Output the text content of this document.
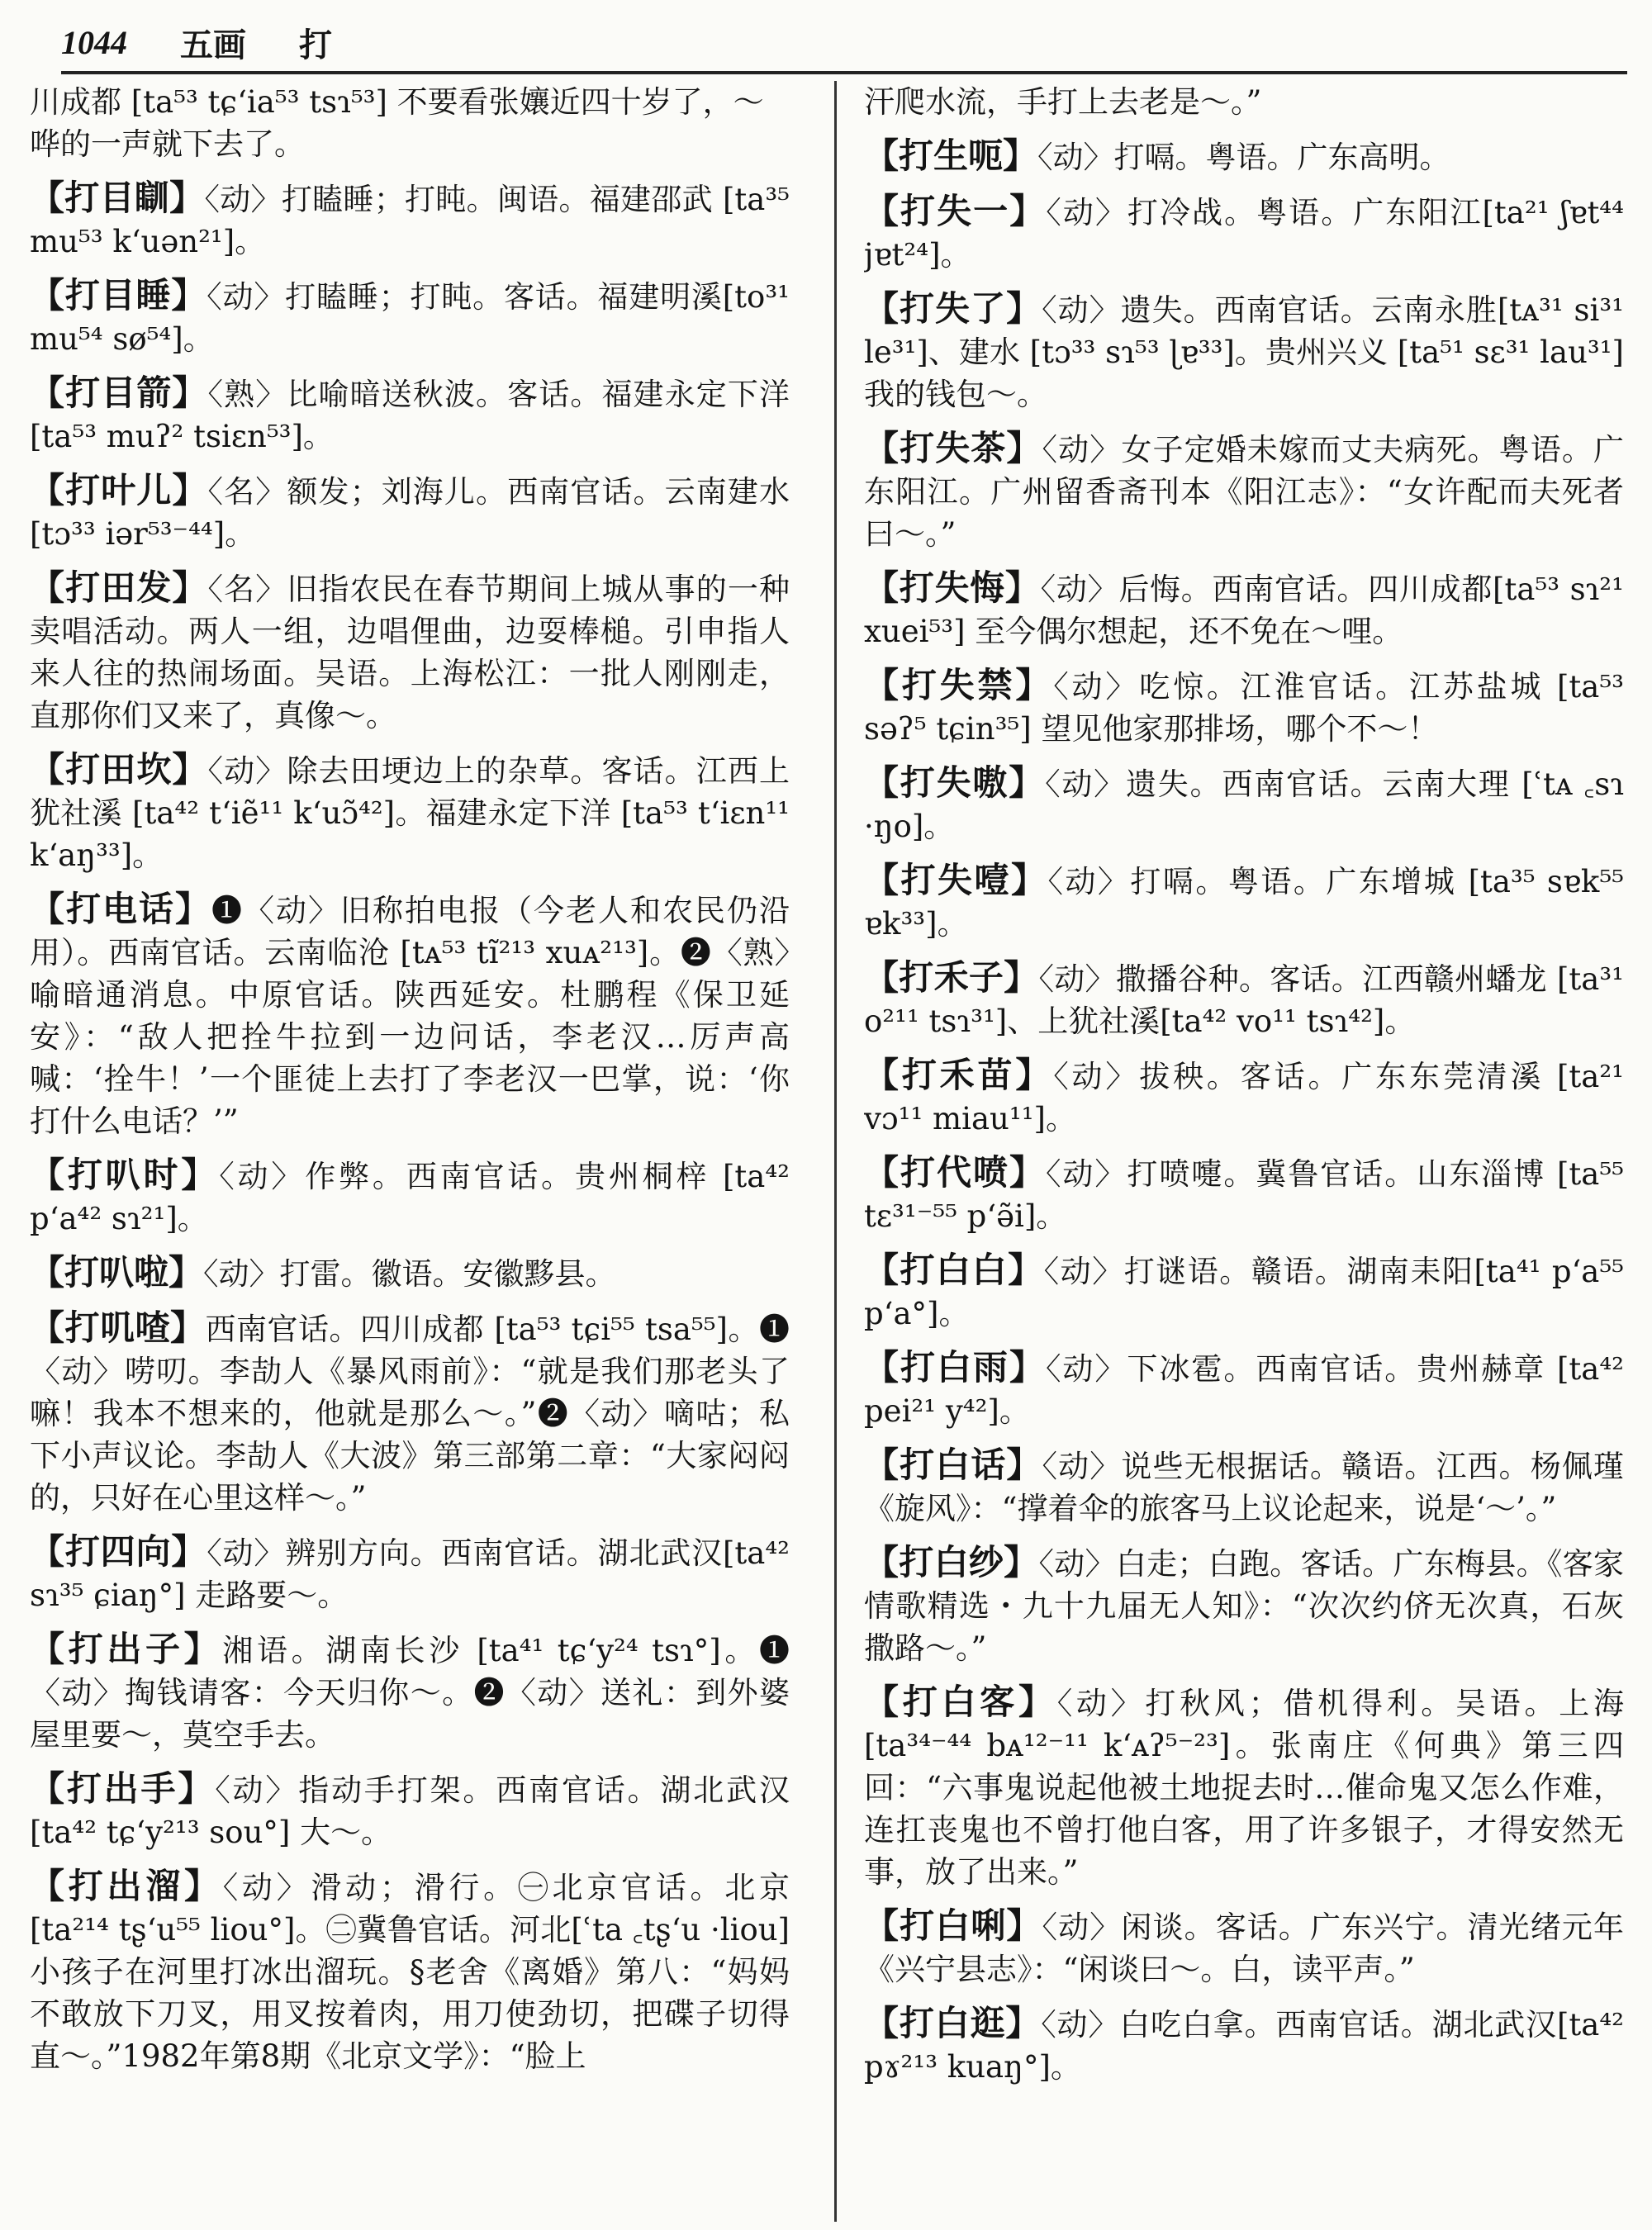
1044 五画 打
川成都 [ta⁵³ tɕʻia⁵³ tsɿ⁵³] 不要看张孃近四十岁了，～哗的一声就下去了。

【打目瞓】〈动〉打瞌睡；打盹。闽语。福建邵武 [ta³⁵ mu⁵³ kʻuən²¹]。

【打目睡】〈动〉打瞌睡；打盹。客话。福建明溪[to³¹ mu⁵⁴ sø⁵⁴]。

【打目箭】〈熟〉比喻暗送秋波。客话。福建永定下洋 [ta⁵³ muʔ² tsiɛn⁵³]。

【打叶儿】〈名〉额发；刘海儿。西南官话。云南建水 [tɔ³³ iər⁵³⁻⁴⁴]。

【打田发】〈名〉旧指农民在春节期间上城从事的一种卖唱活动。两人一组，边唱俚曲，边耍棒槌。引申指人来人往的热闹场面。吴语。上海松江：一批人刚刚走，直那你们又来了，真像～。

【打田坎】〈动〉除去田埂边上的杂草。客话。江西上犹社溪 [ta⁴² tʻiẽ¹¹ kʻuɔ̃⁴²]。福建永定下洋 [ta⁵³ tʻiɛn¹¹ kʻaŋ³³]。

【打电话】❶〈动〉旧称拍电报（今老人和农民仍沿用）。西南官话。云南临沧 [tᴀ⁵³ tĩ²¹³ xuᴀ²¹³]。❷〈熟〉喻暗通消息。中原官话。陕西延安。杜鹏程《保卫延安》：“敌人把拴牛拉到一边问话，李老汉…厉声高喊：‘拴牛！’一个匪徒上去打了李老汉一巴掌，说：‘你打什么电话？’”

【打叭时】〈动〉作弊。西南官话。贵州桐梓 [ta⁴² pʻa⁴² sɿ²¹]。

【打叭啦】〈动〉打雷。徽语。安徽黟县。

【打叽喳】西南官话。四川成都 [ta⁵³ tɕi⁵⁵ tsa⁵⁵]。❶〈动〉唠叨。李劼人《暴风雨前》：“就是我们那老头了嘛！我本不想来的，他就是那么～。”❷〈动〉嘀咕；私下小声议论。李劼人《大波》第三部第二章：“大家闷闷的，只好在心里这样～。”

【打四向】〈动〉辨别方向。西南官话。湖北武汉[ta⁴² sɿ³⁵ ɕiaŋ°] 走路要～。

【打出子】湘语。湖南长沙 [ta⁴¹ tɕʻy²⁴ tsɿ°]。❶〈动〉掏钱请客：今天归你～。❷〈动〉送礼：到外婆屋里要～，莫空手去。

【打出手】〈动〉指动手打架。西南官话。湖北武汉 [ta⁴² tɕʻy²¹³ sou°] 大～。

【打出溜】〈动〉滑动；滑行。㊀北京官话。北京 [ta²¹⁴ tʂʻu⁵⁵ liou°]。㊁冀鲁官话。河北[ʿta ꜀tʂʻu ·liou] 小孩子在河里打冰出溜玩。§老舍《离婚》第八：“妈妈不敢放下刀叉，用叉按着肉，用刀使劲切，把碟子切得直～。”1982年第8期《北京文学》：“脸上

汗爬水流，手打上去老是～。”

【打生呃】〈动〉打嗝。粤语。广东高明。

【打失一】〈动〉打冷战。粤语。广东阳江[ta²¹ ʃɐt⁴⁴ jɐt²⁴]。

【打失了】〈动〉遗失。西南官话。云南永胜[tᴀ³¹ si³¹ le³¹]、建水 [tɔ³³ sɿ⁵³ ɭɐ³³]。贵州兴义 [ta⁵¹ sɛ³¹ lau³¹] 我的钱包～。

【打失茶】〈动〉女子定婚未嫁而丈夫病死。粤语。广东阳江。广州留香斋刊本《阳江志》：“女许配而夫死者曰～。”

【打失悔】〈动〉后悔。西南官话。四川成都[ta⁵³ sɿ²¹ xuei⁵³] 至今偶尔想起，还不免在～哩。

【打失禁】〈动〉吃惊。江淮官话。江苏盐城 [ta⁵³ səʔ⁵ tɕin³⁵] 望见他家那排场，哪个不～！

【打失嗷】〈动〉遗失。西南官话。云南大理 [ʿtᴀ ꜀sɿ ·ŋo]。

【打失噎】〈动〉打嗝。粤语。广东增城 [ta³⁵ sɐk⁵⁵ ɐk³³]。

【打禾子】〈动〉撒播谷种。客话。江西赣州蟠龙 [ta³¹ o²¹¹ tsɿ³¹]、上犹社溪[ta⁴² vo¹¹ tsɿ⁴²]。

【打禾苗】〈动〉拔秧。客话。广东东莞清溪 [ta²¹ vɔ¹¹ miau¹¹]。

【打代喷】〈动〉打喷嚏。冀鲁官话。山东淄博 [ta⁵⁵ tɛ³¹⁻⁵⁵ pʻə̃i]。

【打白白】〈动〉打谜语。赣语。湖南耒阳[ta⁴¹ pʻa⁵⁵ pʻa°]。

【打白雨】〈动〉下冰雹。西南官话。贵州赫章 [ta⁴² pei²¹ y⁴²]。

【打白话】〈动〉说些无根据话。赣语。江西。杨佩瑾《旋风》：“撑着伞的旅客马上议论起来，说是‘～’。”

【打白纱】〈动〉白走；白跑。客话。广东梅县。《客家情歌精选・九十九届无人知》：“次次约侪无次真，石灰撒路～。”

【打白客】〈动〉打秋风；借机得利。吴语。上海[ta³⁴⁻⁴⁴ bᴀ¹²⁻¹¹ kʻᴀʔ⁵⁻²³]。张南庄《何典》第三四回：“六事鬼说起他被土地捉去时…催命鬼又怎么作难，连扛丧鬼也不曾打他白客，用了许多银子，才得安然无事，放了出来。”

【打白唎】〈动〉闲谈。客话。广东兴宁。清光绪元年《兴宁县志》：“闲谈曰～。白，读平声。”

【打白逛】〈动〉白吃白拿。西南官话。湖北武汉[ta⁴² pɤ²¹³ kuaŋ°]。
